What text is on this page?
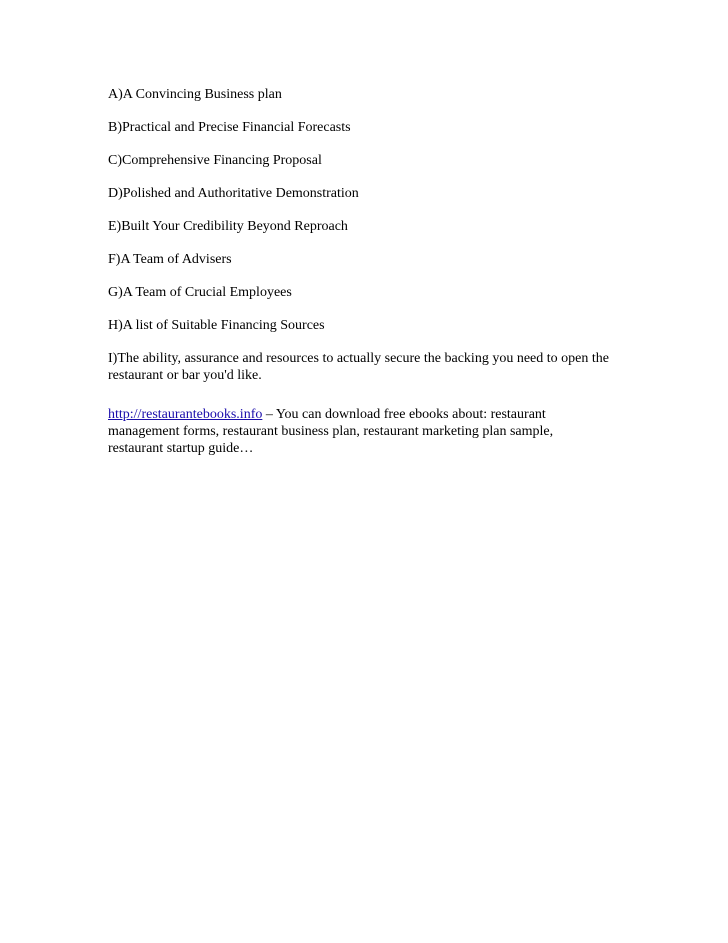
A)A Convincing Business plan
B)Practical and Precise Financial Forecasts
C)Comprehensive Financing Proposal
D)Polished and Authoritative Demonstration
E)Built Your Credibility Beyond Reproach
F)A Team of Advisers
G)A Team of Crucial Employees
H)A list of Suitable Financing Sources
I)The ability, assurance and resources to actually secure the backing you need to open the
restaurant or bar you'd like.
http://restaurantebooks.info – You can download free ebooks about: restaurant
management forms, restaurant business plan, restaurant marketing plan sample,
restaurant startup guide…
